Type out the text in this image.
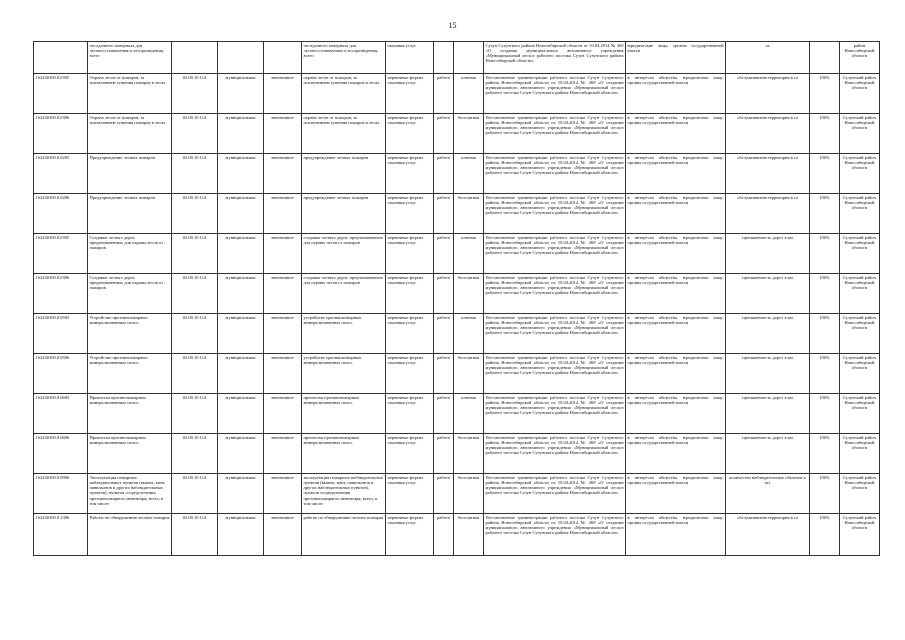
15
	посадочного материала для лесовосстановления и лесоразведения, всего				посадочного материала для лесовосстановления и лесоразведения, всего	оказания услуг			Сузун Сузунского района Новосибирской области от 10.04.2014 № 369 «О создании муниципального автономного учреждения «Муниципальный лесхоз рабочего поселка Сузун Сузунского района Новосибирской области»	юридические лица, органы государственной власти	га		район Новосибирской области
162240100.0.0305	Охрана лесов от пожаров, за исключением тушения пожаров в лесах	02.00.10.114	муниципальная	автономное	охрана лесов от пожаров, за исключением тушения пожаров в лесах	первичные формы оказания услуг	работа	платная	Постановление администрации рабочего поселка Сузун Сузунского района Новосибирской области от 10.04.2014 № 369 «О создании муниципального автономного учреждения «Муниципальный лесхоз рабочего поселка Сузун Сузунского района Новосибирской области»	в интересах общества, юридические лица, органы государственной власти	обслуживаемая территория в га	100%	Сузунский район Новосибирской области
162240100.0.0306	Охрана лесов от пожаров, за исключением тушения пожаров в лесах	02.00.10.114	муниципальная	автономное	охрана лесов от пожаров, за исключением тушения пожаров в лесах	первичные формы оказания услуг	работа	бесплатная	Постановление администрации рабочего поселка Сузун Сузунского района Новосибирской области от 10.04.2014 № 369 «О создании муниципального автономного учреждения «Муниципальный лесхоз рабочего поселка Сузун Сузунского района Новосибирской области»	в интересах общества, юридические лица, органы государственной власти	обслуживаемая территория в га	100%	Сузунский район Новосибирской области
162240100.0.0205	Предупреждение лесных пожаров	02.00.10.114	муниципальная	автономное	предупреждение лесных пожаров	первичные формы оказания услуг	работа	платная	Постановление администрации рабочего поселка Сузун Сузунского района Новосибирской области от 10.04.2014 № 369 «О создании муниципального автономного учреждения «Муниципальный лесхоз рабочего поселка Сузун Сузунского района Новосибирской области»	в интересах общества, юридические лица, органы государственной власти	обслуживаемая территория в га	100%	Сузунский район Новосибирской области
162240100.0.0206	Предупреждение лесных пожаров	02.00.10.114	муниципальная	автономное	предупреждение лесных пожаров	первичные формы оказания услуг	работа	бесплатная	Постановление администрации рабочего поселка Сузун Сузунского района Новосибирской области от 10.04.2014 № 369 «О создании муниципального автономного учреждения «Муниципальный лесхоз рабочего поселка Сузун Сузунского района Новосибирской области»	в интересах общества, юридические лица, органы государственной власти	обслуживаемая территория в га	100%	Сузунский район Новосибирской области
162240100.0.0305	Создание лесных дорог, предназначенных для охраны лесов от пожаров	02.00.10.114	муниципальная	автономное	создание лесных дорог, предназначенных для охраны лесов от пожаров	первичные формы оказания услуг	работа	платная	Постановление администрации рабочего поселка Сузун Сузунского района Новосибирской области от 10.04.2014 № 369 «О создании муниципального автономного учреждения «Муниципальный лесхоз рабочего поселка Сузун Сузунского района Новосибирской области»	в интересах общества, юридические лица, органы государственной власти	протяженность дорог в км	100%	Сузунский район Новосибирской области
162240100.0.0306	Создание лесных дорог, предназначенных для охраны лесов от пожаров	02.00.10.114	муниципальная	автономное	создание лесных дорог, предназначенных для охраны лесов от пожаров	первичные формы оказания услуг	работа	бесплатная	Постановление администрации рабочего поселка Сузун Сузунского района Новосибирской области от 10.04.2014 № 369 «О создании муниципального автономного учреждения «Муниципальный лесхоз рабочего поселка Сузун Сузунского района Новосибирской области»	в интересах общества, юридические лица, органы государственной власти	протяженность дорог в км	100%	Сузунский район Новосибирской области
162240100.0.0505	Устройство противопожарных минерализованных полос	02.00.10.114	муниципальная	автономное	устройство противопожарных минерализованных полос	первичные формы оказания услуг	работа	платная	Постановление администрации рабочего поселка Сузун Сузунского района Новосибирской области от 10.04.2014 № 369 «О создании муниципального автономного учреждения «Муниципальный лесхоз рабочего поселка Сузун Сузунского района Новосибирской области»	в интересах общества, юридические лица, органы государственной власти	протяженность дорог в км	100%	Сузунский район Новосибирской области
162240100.0.0506	Устройство противопожарных минерализованных полос	02.00.10.114	муниципальная	автономное	устройство противопожарных минерализованных полос	первичные формы оказания услуг	работа	бесплатная	Постановление администрации рабочего поселка Сузун Сузунского района Новосибирской области от 10.04.2014 № 369 «О создании муниципального автономного учреждения «Муниципальный лесхоз рабочего поселка Сузун Сузунского района Новосибирской области»	в интересах общества, юридические лица, органы государственной власти	протяженность дорог в км	100%	Сузунский район Новосибирской области
162240100.0.0605	Прочистка противопожарных минерализованных полос	02.00.10.114	муниципальная	автономное	прочистка противопожарных минерализованных полос	первичные формы оказания услуг	работа	платная	Постановление администрации рабочего поселка Сузун Сузунского района Новосибирской области от 10.04.2014 № 369 «О создании муниципального автономного учреждения «Муниципальный лесхоз рабочего поселка Сузун Сузунского района Новосибирской области»	в интересах общества, юридические лица, органы государственной власти	протяженность дорог в км	100%	Сузунский район Новосибирской области
162240100.0.0606	Прочистка противопожарных минерализованных полос	02.00.10.114	муниципальная	автономное	прочистка противопожарных минерализованных полос	первичные формы оказания услуг	работа	бесплатная	Постановление администрации рабочего поселка Сузун Сузунского района Новосибирской области от 10.04.2014 № 369 «О создании муниципального автономного учреждения «Муниципальный лесхоз рабочего поселка Сузун Сузунского района Новосибирской области»	в интересах общества, юридические лица, органы государственной власти	протяженность дорог в км	100%	Сузунский район Новосибирской области
162240100.0.0906	Эксплуатация пожарных наблюдательных пунктов (вышек, мачт, павильонов и других наблюдательных пунктов), пунктов сосредоточения противопожарного инвентаря, всего, в том числе:	02.00.10.114	муниципальная	автономное	эксплуатация пожарных наблюдательных пунктов (вышек, мачт, павильонов и других наблюдательных пунктов), пунктов сосредоточения противопожарного инвентаря, всего, в том числе:	первичные формы оказания услуг	работа	бесплатная	Постановление администрации рабочего поселка Сузун Сузунского района Новосибирской области от 10.04.2014 № 369 «О создании муниципального автономного учреждения «Муниципальный лесхоз рабочего поселка Сузун Сузунского района Новосибирской области»	в интересах общества, юридические лица, органы государственной власти	количество наблюдательных объектов в шт	100%	Сузунский район Новосибирской области
162240100.0.1306	Работы по обнаружению лесных пожаров	02.00.10.114	муниципальная	автономное	работы по обнаружению лесных пожаров	первичные формы оказания услуг	работа	бесплатная	Постановление администрации рабочего поселка Сузун Сузунского района Новосибирской области от 10.04.2014 № 369 «О создании муниципального автономного учреждения «Муниципальный лесхоз рабочего поселка Сузун Сузунского района Новосибирской области»	в интересах общества, юридические лица, органы государственной власти	обслуживаемая территория в га	100%	Сузунский район Новосибирской области
